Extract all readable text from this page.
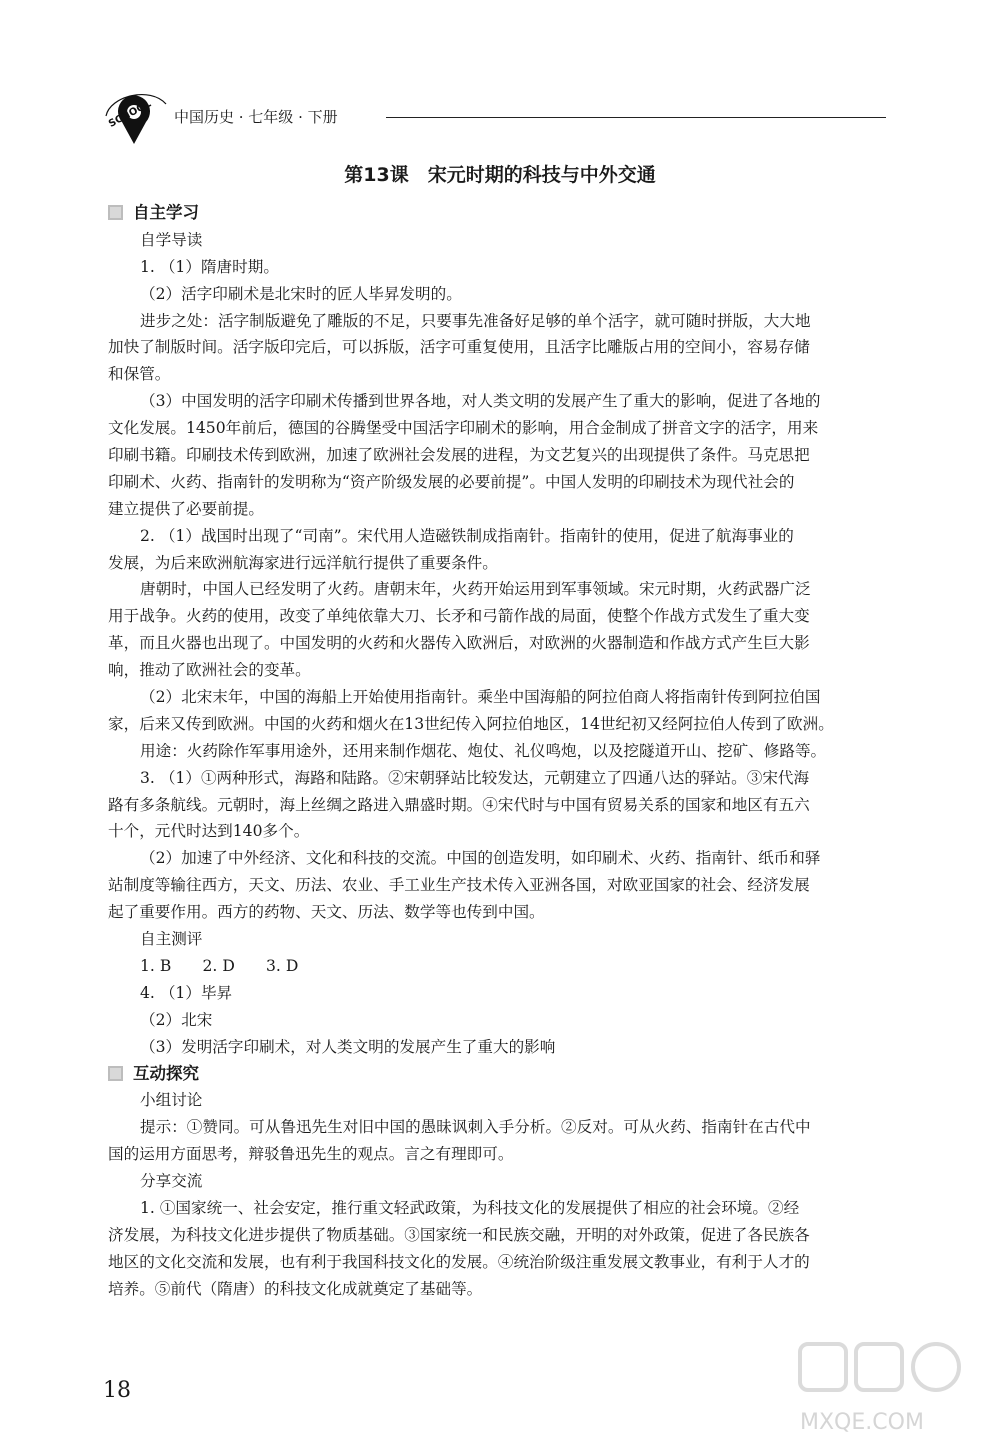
SCHOOL 中国历史 · 七年级 · 下册
第13课　宋元时期的科技与中外交通
自主学习
自学导读
1. （1）隋唐时期。
（2）活字印刷术是北宋时的匠人毕昇发明的。
进步之处：活字制版避免了雕版的不足，只要事先准备好足够的单个活字，就可随时拼版，大大地
加快了制版时间。活字版印完后，可以拆版，活字可重复使用，且活字比雕版占用的空间小，容易存储
和保管。
（3）中国发明的活字印刷术传播到世界各地，对人类文明的发展产生了重大的影响，促进了各地的
文化发展。1450年前后，德国的谷腾堡受中国活字印刷术的影响，用合金制成了拼音文字的活字，用来
印刷书籍。印刷技术传到欧洲，加速了欧洲社会发展的进程，为文艺复兴的出现提供了条件。马克思把
印刷术、火药、指南针的发明称为“资产阶级发展的必要前提”。中国人发明的印刷技术为现代社会的
建立提供了必要前提。
2. （1）战国时出现了“司南”。宋代用人造磁铁制成指南针。指南针的使用，促进了航海事业的
发展，为后来欧洲航海家进行远洋航行提供了重要条件。
唐朝时，中国人已经发明了火药。唐朝末年，火药开始运用到军事领域。宋元时期，火药武器广泛
用于战争。火药的使用，改变了单纯依靠大刀、长矛和弓箭作战的局面，使整个作战方式发生了重大变
革，而且火器也出现了。中国发明的火药和火器传入欧洲后，对欧洲的火器制造和作战方式产生巨大影
响，推动了欧洲社会的变革。
（2）北宋末年，中国的海船上开始使用指南针。乘坐中国海船的阿拉伯商人将指南针传到阿拉伯国
家，后来又传到欧洲。中国的火药和烟火在13世纪传入阿拉伯地区，14世纪初又经阿拉伯人传到了欧洲。
用途：火药除作军事用途外，还用来制作烟花、炮仗、礼仪鸣炮，以及挖隧道开山、挖矿、修路等。
3. （1）①两种形式，海路和陆路。②宋朝驿站比较发达，元朝建立了四通八达的驿站。③宋代海
路有多条航线。元朝时，海上丝绸之路进入鼎盛时期。④宋代时与中国有贸易关系的国家和地区有五六
十个，元代时达到140多个。
（2）加速了中外经济、文化和科技的交流。中国的创造发明，如印刷术、火药、指南针、纸币和驿
站制度等输往西方，天文、历法、农业、手工业生产技术传入亚洲各国，对欧亚国家的社会、经济发展
起了重要作用。西方的药物、天文、历法、数学等也传到中国。
自主测评
1. B　　2. D　　3. D
4. （1）毕昇
（2）北宋
（3）发明活字印刷术，对人类文明的发展产生了重大的影响
互动探究
小组讨论
提示：①赞同。可从鲁迅先生对旧中国的愚昧讽刺入手分析。②反对。可从火药、指南针在古代中
国的运用方面思考，辩驳鲁迅先生的观点。言之有理即可。
分享交流
1. ①国家统一、社会安定，推行重文轻武政策，为科技文化的发展提供了相应的社会环境。②经
济发展，为科技文化进步提供了物质基础。③国家统一和民族交融，开明的对外政策，促进了各民族各
地区的文化交流和发展，也有利于我国科技文化的发展。④统治阶级注重发展文教事业，有利于人才的
培养。⑤前代（隋唐）的科技文化成就奠定了基础等。
18
MXQE.COM
